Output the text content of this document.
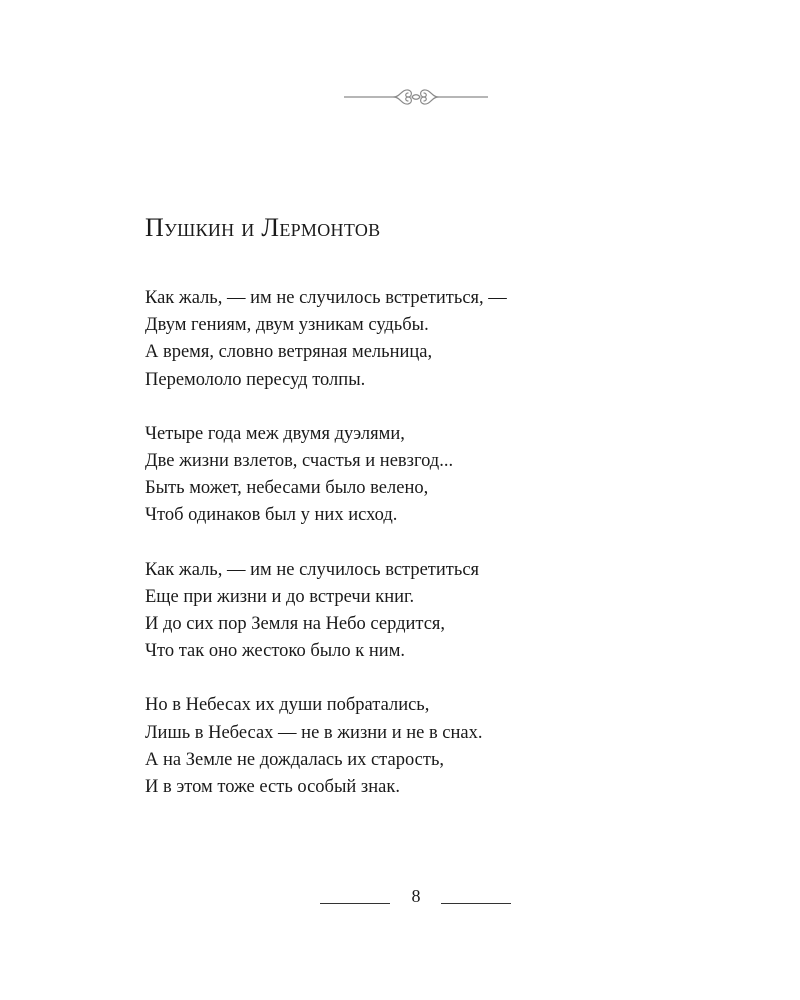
Пушкин и Лермонтов
Как жаль, — им не случилось встретиться, —
Двум гениям, двум узникам судьбы.
А время, словно ветряная мельница,
Перемололо пересуд толпы.
Четыре года меж двумя дуэлями,
Две жизни взлетов, счастья и невзгод...
Быть может, небесами было велено,
Чтоб одинаков был у них исход.
Как жаль, — им не случилось встретиться
Еще при жизни и до встречи книг.
И до сих пор Земля на Небо сердится,
Что так оно жестоко было к ним.
Но в Небесах их души побратались,
Лишь в Небесах — не в жизни и не в снах.
А на Земле не дождалась их старость,
И в этом тоже есть особый знак.
8
